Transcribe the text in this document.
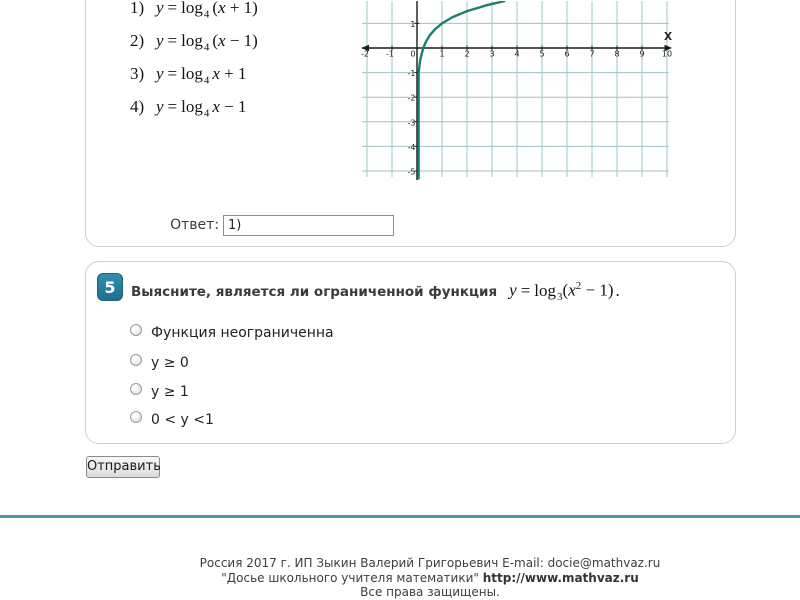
1) $y = \log_4 (x + 1)$
2) $y = \log_4 (x - 1)$
3) $y = \log_4 x + 1$
4) $y = \log_4 x - 1$
-2 -1 0	1 2 3 4 5 6 7 8 9 10
1
-1
-2
-3
-4
-5
X
Ответ:
1)
5	Выясните, является ли ограниченной функция $y = \log_3(x^2 - 1)$ .
Функция неограниченна
y ≥ 0
y ≥ 1
0 < y <1
Отправить
Россия 2017 г. ИП Зыкин Валерий Григорьевич E-mail: docie@mathvaz.ru
"Досье школьного учителя математики" http://www.mathvaz.ru
Все права защищены.
